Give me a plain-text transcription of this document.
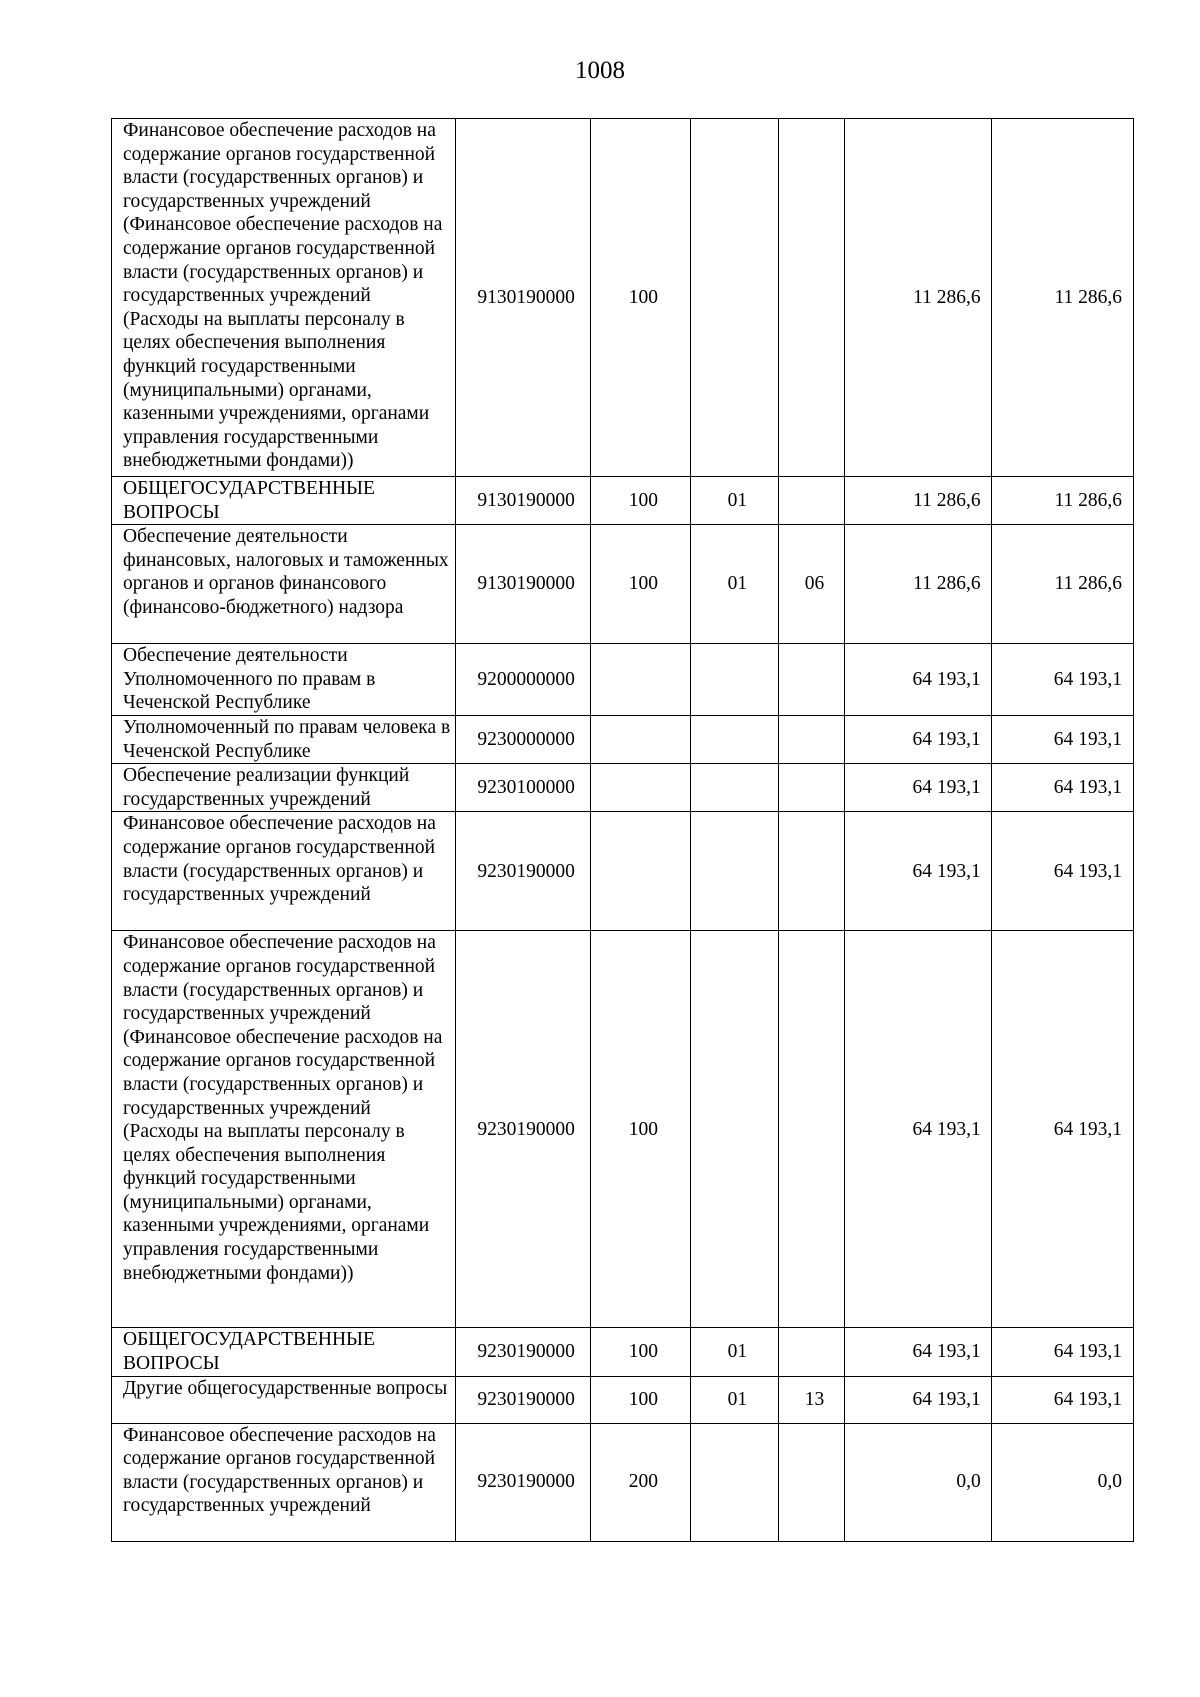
1008
Финансовое обеспечение расходов на содержание органов государственной власти (государственных органов) и государственных учреждений (Финансовое обеспечение расходов на содержание органов государственной власти (государственных органов) и государственных учреждений (Расходы на выплаты персоналу в целях обеспечения выполнения функций государственными (муниципальными) органами, казенными учреждениями, органами управления государственными внебюджетными фондами))	9130190000	100			11 286,6	11 286,6
ОБЩЕГОСУДАРСТВЕННЫЕ ВОПРОСЫ	9130190000	100	01		11 286,6	11 286,6
Обеспечение деятельности финансовых, налоговых и таможенных органов и органов финансового (финансово-бюджетного) надзора	9130190000	100	01	06	11 286,6	11 286,6
Обеспечение деятельности Уполномоченного по правам в Чеченской Республике	9200000000				64 193,1	64 193,1
Уполномоченный по правам человека в Чеченской Республике	9230000000				64 193,1	64 193,1
Обеспечение реализации функций государственных учреждений	9230100000				64 193,1	64 193,1
Финансовое обеспечение расходов на содержание органов государственной власти (государственных органов) и государственных учреждений	9230190000				64 193,1	64 193,1
Финансовое обеспечение расходов на содержание органов государственной власти (государственных органов) и государственных учреждений (Финансовое обеспечение расходов на содержание органов государственной власти (государственных органов) и государственных учреждений (Расходы на выплаты персоналу в целях обеспечения выполнения функций государственными (муниципальными) органами, казенными учреждениями, органами управления государственными внебюджетными фондами))	9230190000	100			64 193,1	64 193,1
ОБЩЕГОСУДАРСТВЕННЫЕ ВОПРОСЫ	9230190000	100	01		64 193,1	64 193,1
Другие общегосударственные вопросы	9230190000	100	01	13	64 193,1	64 193,1
Финансовое обеспечение расходов на содержание органов государственной власти (государственных органов) и государственных учреждений	9230190000	200			0,0	0,0
